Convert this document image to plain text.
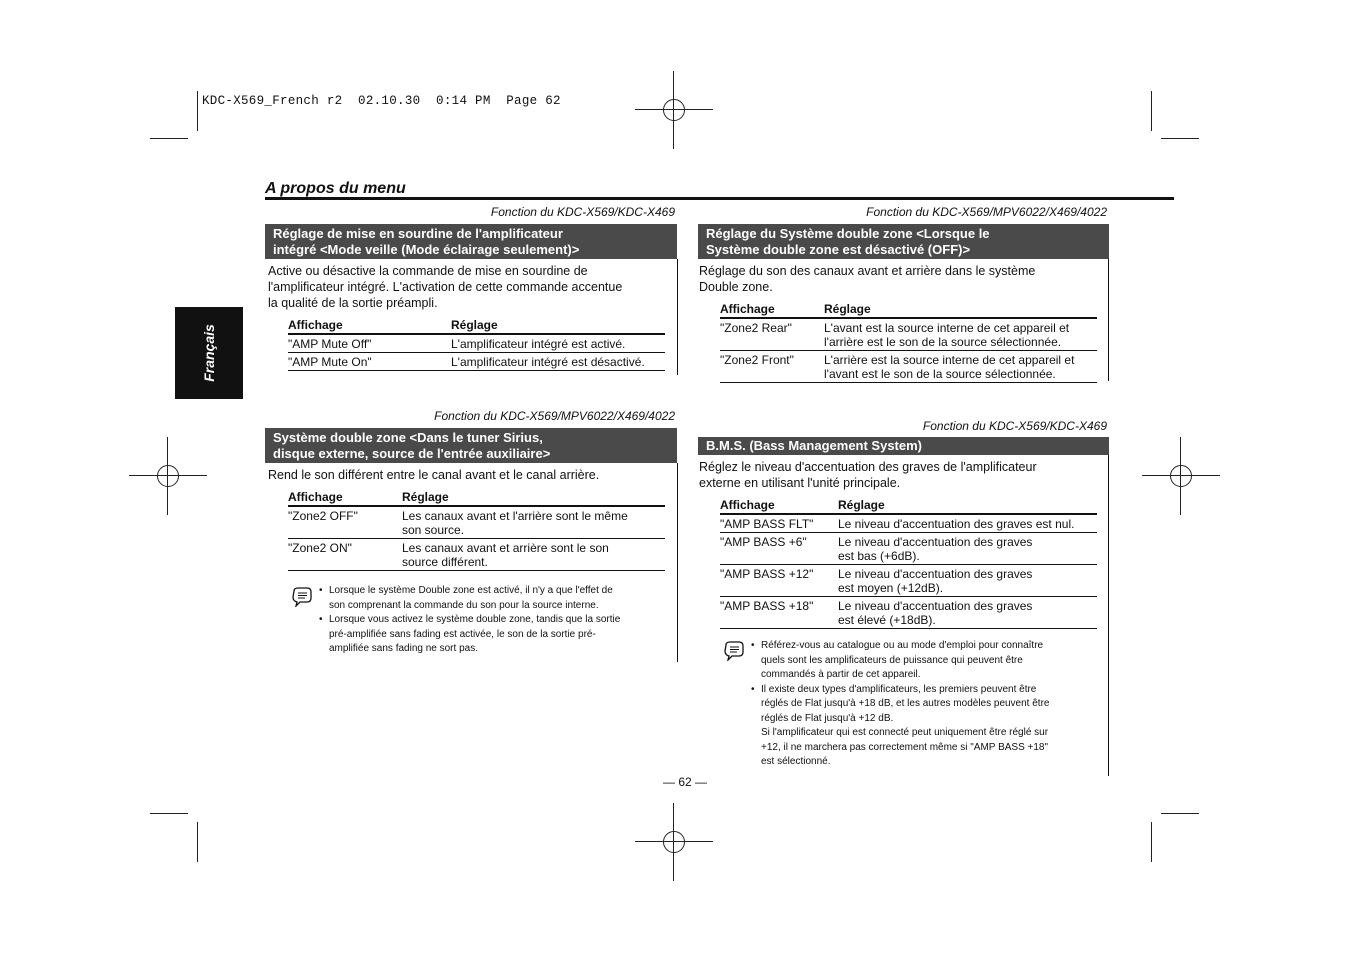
KDC-X569_French r2  02.10.30  0:14 PM  Page 62
A propos du menu
Français
Fonction du KDC-X569/KDC-X469
Réglage de mise en sourdine de l'amplificateur
intégré <Mode veille (Mode éclairage seulement)>
Active ou désactive la commande de mise en sourdine de
l'amplificateur intégré. L'activation de cette commande accentue
la qualité de la sortie préampli.
Affichage	Réglage
"AMP Mute Off"	L'amplificateur intégré est activé.
"AMP Mute On"	L'amplificateur intégré est désactivé.
Fonction du KDC-X569/MPV6022/X469/4022
Réglage du Système double zone <Lorsque le
Système double zone est désactivé (OFF)>
Réglage du son des canaux avant et arrière dans le système
Double zone.
Affichage	Réglage
"Zone2 Rear"	L'avant est la source interne de cet appareil et
l'arrière est le son de la source sélectionnée.

"Zone2 Front"	L'arrière est la source interne de cet appareil et
l'avant est le son de la source sélectionnée.
Fonction du KDC-X569/MPV6022/X469/4022
Système double zone <Dans le tuner Sirius,
disque externe, source de l'entrée auxiliaire>
Rend le son différent entre le canal avant et le canal arrière.
Affichage	Réglage
"Zone2 OFF"	Les canaux avant et l'arrière sont le même
son source.

"Zone2 ON"	Les canaux avant et arrière sont le son
source différent.
• Lorsque le système Double zone est activé, il n'y a que l'effet de
son comprenant la commande du son pour la source interne.
• Lorsque vous activez le système double zone, tandis que la sortie
pré-amplifiée sans fading est activée, le son de la sortie pré-
amplifiée sans fading ne sort pas.
Fonction du KDC-X569/KDC-X469
B.M.S. (Bass Management System)
Réglez le niveau d'accentuation des graves de l'amplificateur
externe en utilisant l'unité principale.
Affichage	Réglage
"AMP BASS FLT"	Le niveau d'accentuation des graves est nul.
"AMP BASS +6"	Le niveau d'accentuation des graves
est bas (+6dB).

"AMP BASS +12"	Le niveau d'accentuation des graves
est moyen (+12dB).

"AMP BASS +18"	Le niveau d'accentuation des graves
est élevé (+18dB).
• Référez-vous au catalogue ou au mode d'emploi pour connaître
quels sont les amplificateurs de puissance qui peuvent être
commandés à partir de cet appareil.
• Il existe deux types d'amplificateurs, les premiers peuvent être
réglés de Flat jusqu'à +18 dB, et les autres modèles peuvent être
réglés de Flat jusqu'à +12 dB.
Si l'amplificateur qui est connecté peut uniquement être réglé sur
+12, il ne marchera pas correctement même si "AMP BASS +18"
est sélectionné.
— 62 —
